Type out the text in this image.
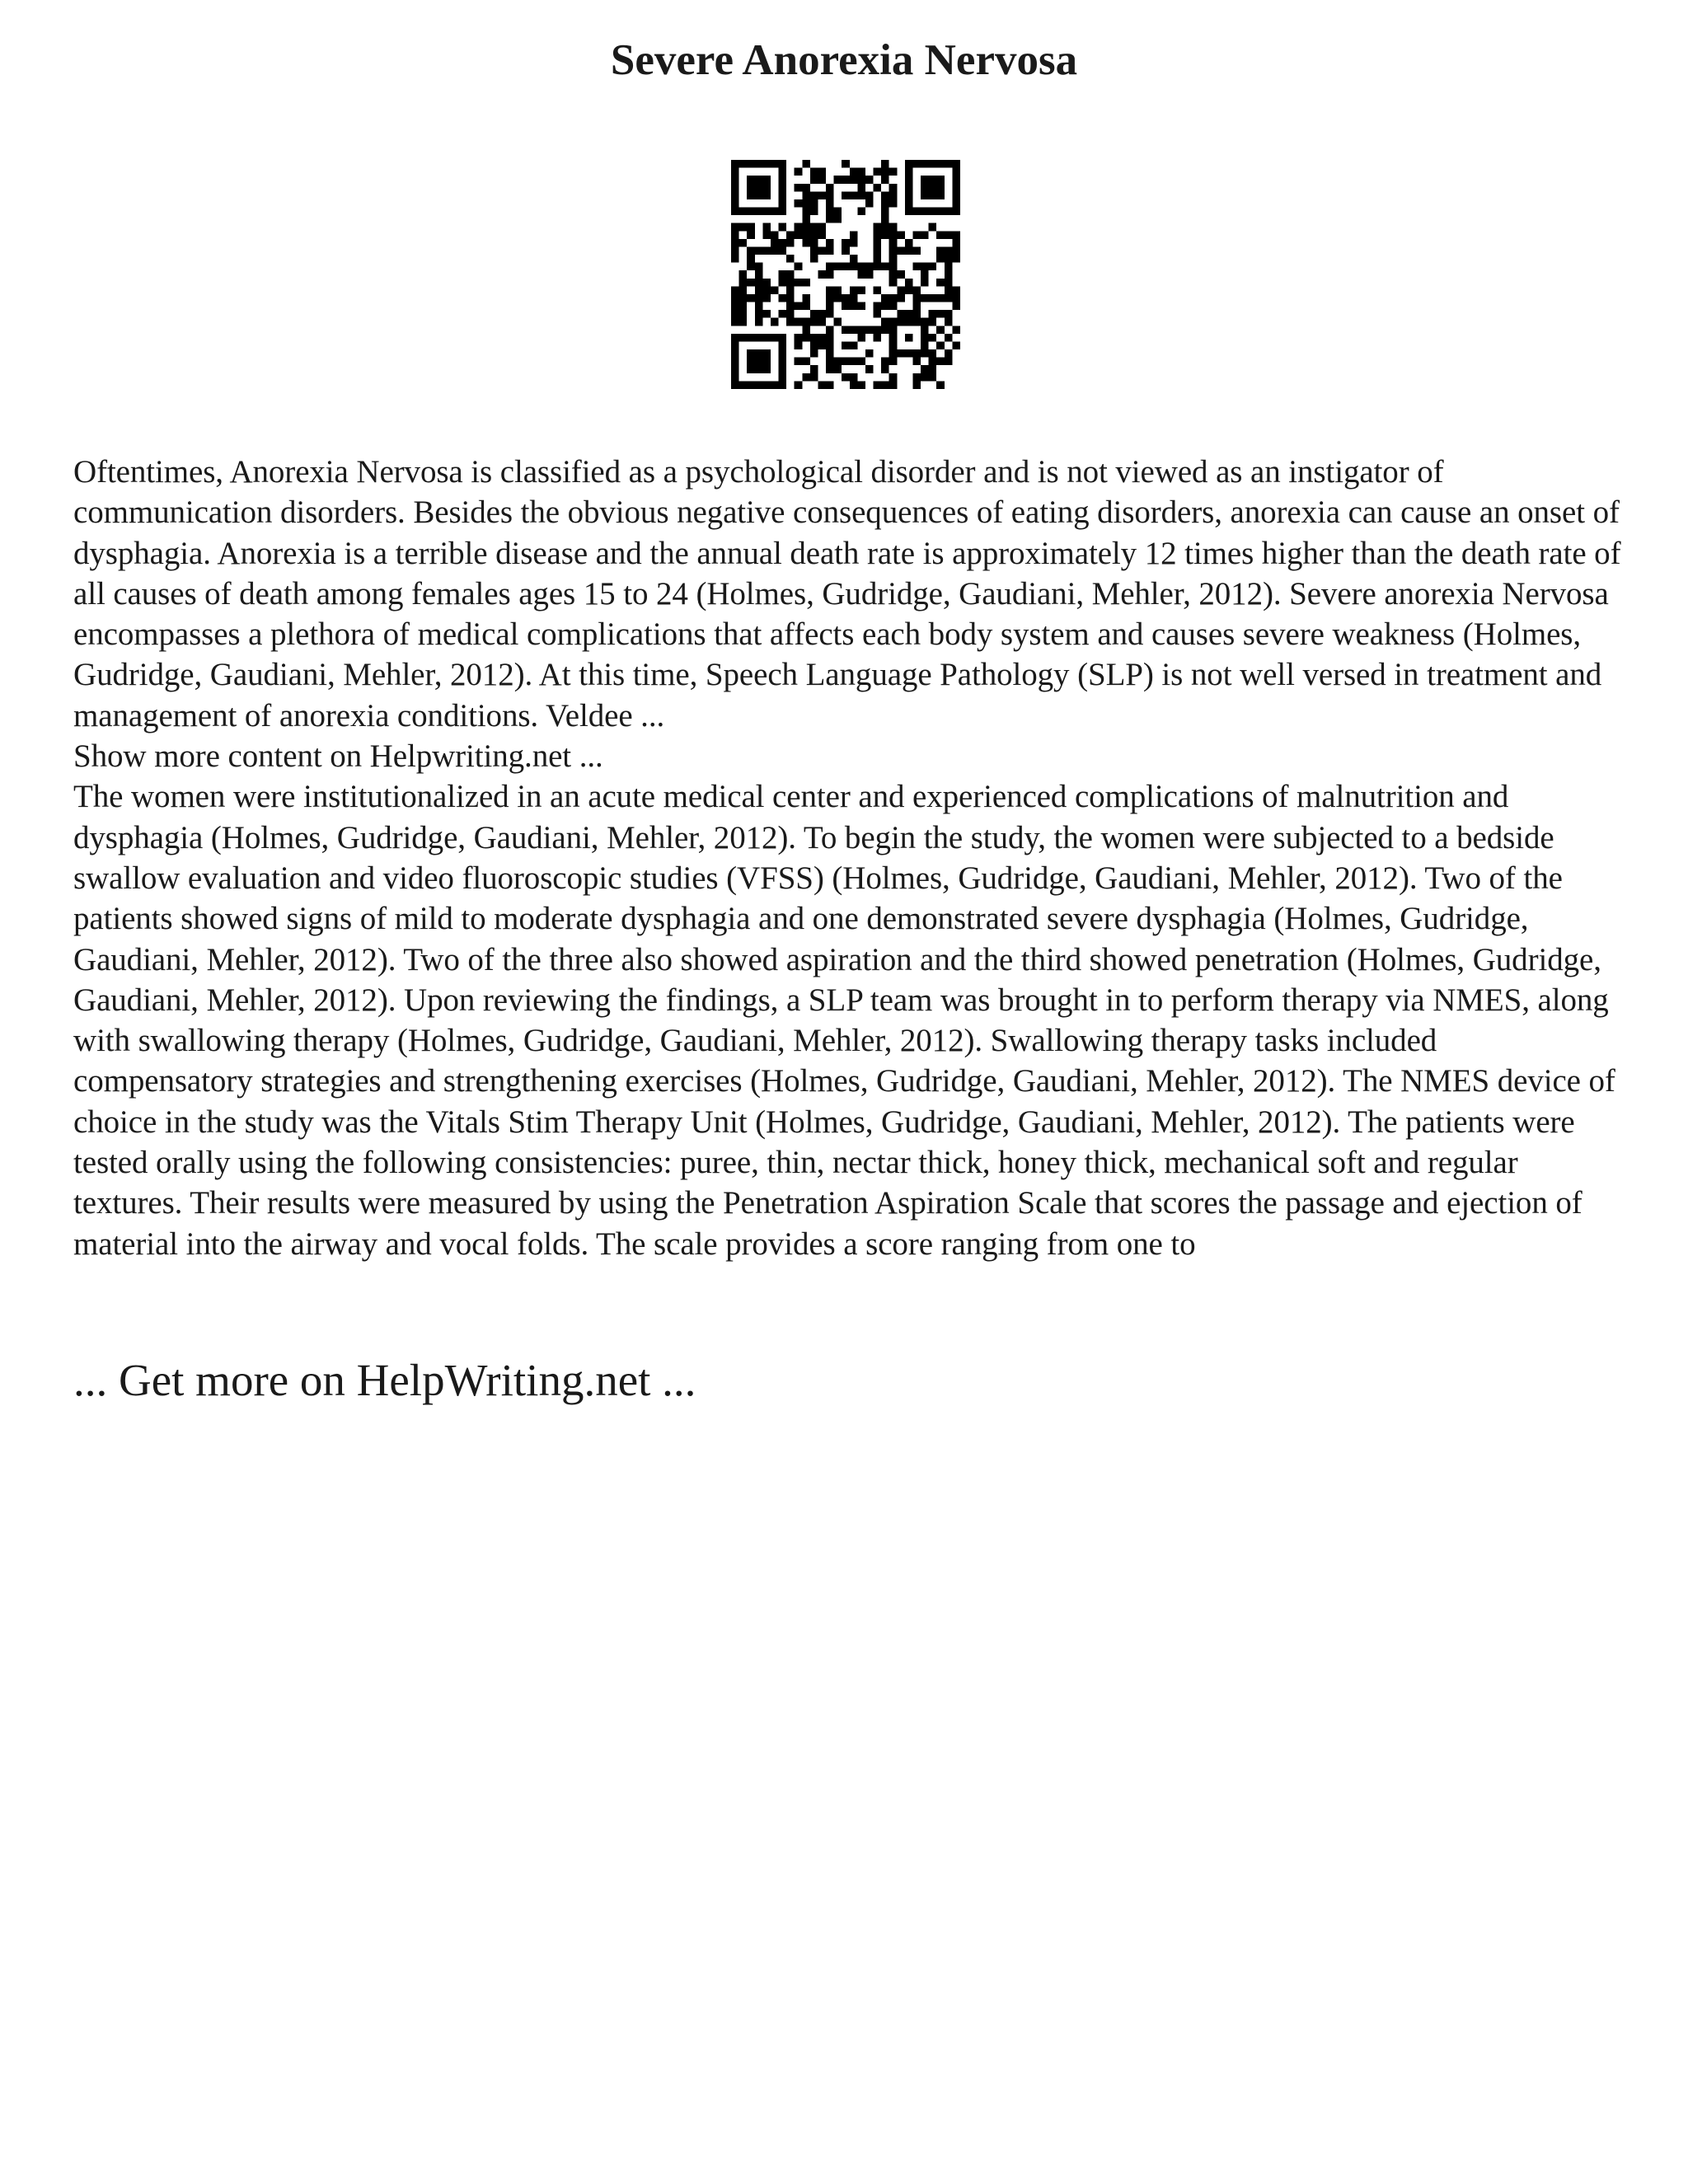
Severe Anorexia Nervosa

Oftentimes, Anorexia Nervosa is classified as a psychological disorder and is not viewed as an instigator of communication disorders. Besides the obvious negative consequences of eating disorders, anorexia can cause an onset of dysphagia. Anorexia is a terrible disease and the annual death rate is approximately 12 times higher than the death rate of all causes of death among females ages 15 to 24 (Holmes, Gudridge, Gaudiani, Mehler, 2012). Severe anorexia Nervosa encompasses a plethora of medical complications that affects each body system and causes severe weakness (Holmes, Gudridge, Gaudiani, Mehler, 2012). At this time, Speech Language Pathology (SLP) is not well versed in treatment and management of anorexia conditions. Veldee ...

Show more content on Helpwriting.net ...

The women were institutionalized in an acute medical center and experienced complications of malnutrition and dysphagia (Holmes, Gudridge, Gaudiani, Mehler, 2012). To begin the study, the women were subjected to a bedside swallow evaluation and video fluoroscopic studies (VFSS) (Holmes, Gudridge, Gaudiani, Mehler, 2012). Two of the patients showed signs of mild to moderate dysphagia and one demonstrated severe dysphagia (Holmes, Gudridge, Gaudiani, Mehler, 2012). Two of the three also showed aspiration and the third showed penetration (Holmes, Gudridge, Gaudiani, Mehler, 2012). Upon reviewing the findings, a SLP team was brought in to perform therapy via NMES, along with swallowing therapy (Holmes, Gudridge, Gaudiani, Mehler, 2012). Swallowing therapy tasks included compensatory strategies and strengthening exercises (Holmes, Gudridge, Gaudiani, Mehler, 2012). The NMES device of choice in the study was the Vitals Stim Therapy Unit (Holmes, Gudridge, Gaudiani, Mehler, 2012). The patients were tested orally using the following consistencies: puree, thin, nectar thick, honey thick, mechanical soft and regular textures. Their results were measured by using the Penetration Aspiration Scale that scores the passage and ejection of material into the airway and vocal folds. The scale provides a score ranging from one to

... Get more on HelpWriting.net ...
